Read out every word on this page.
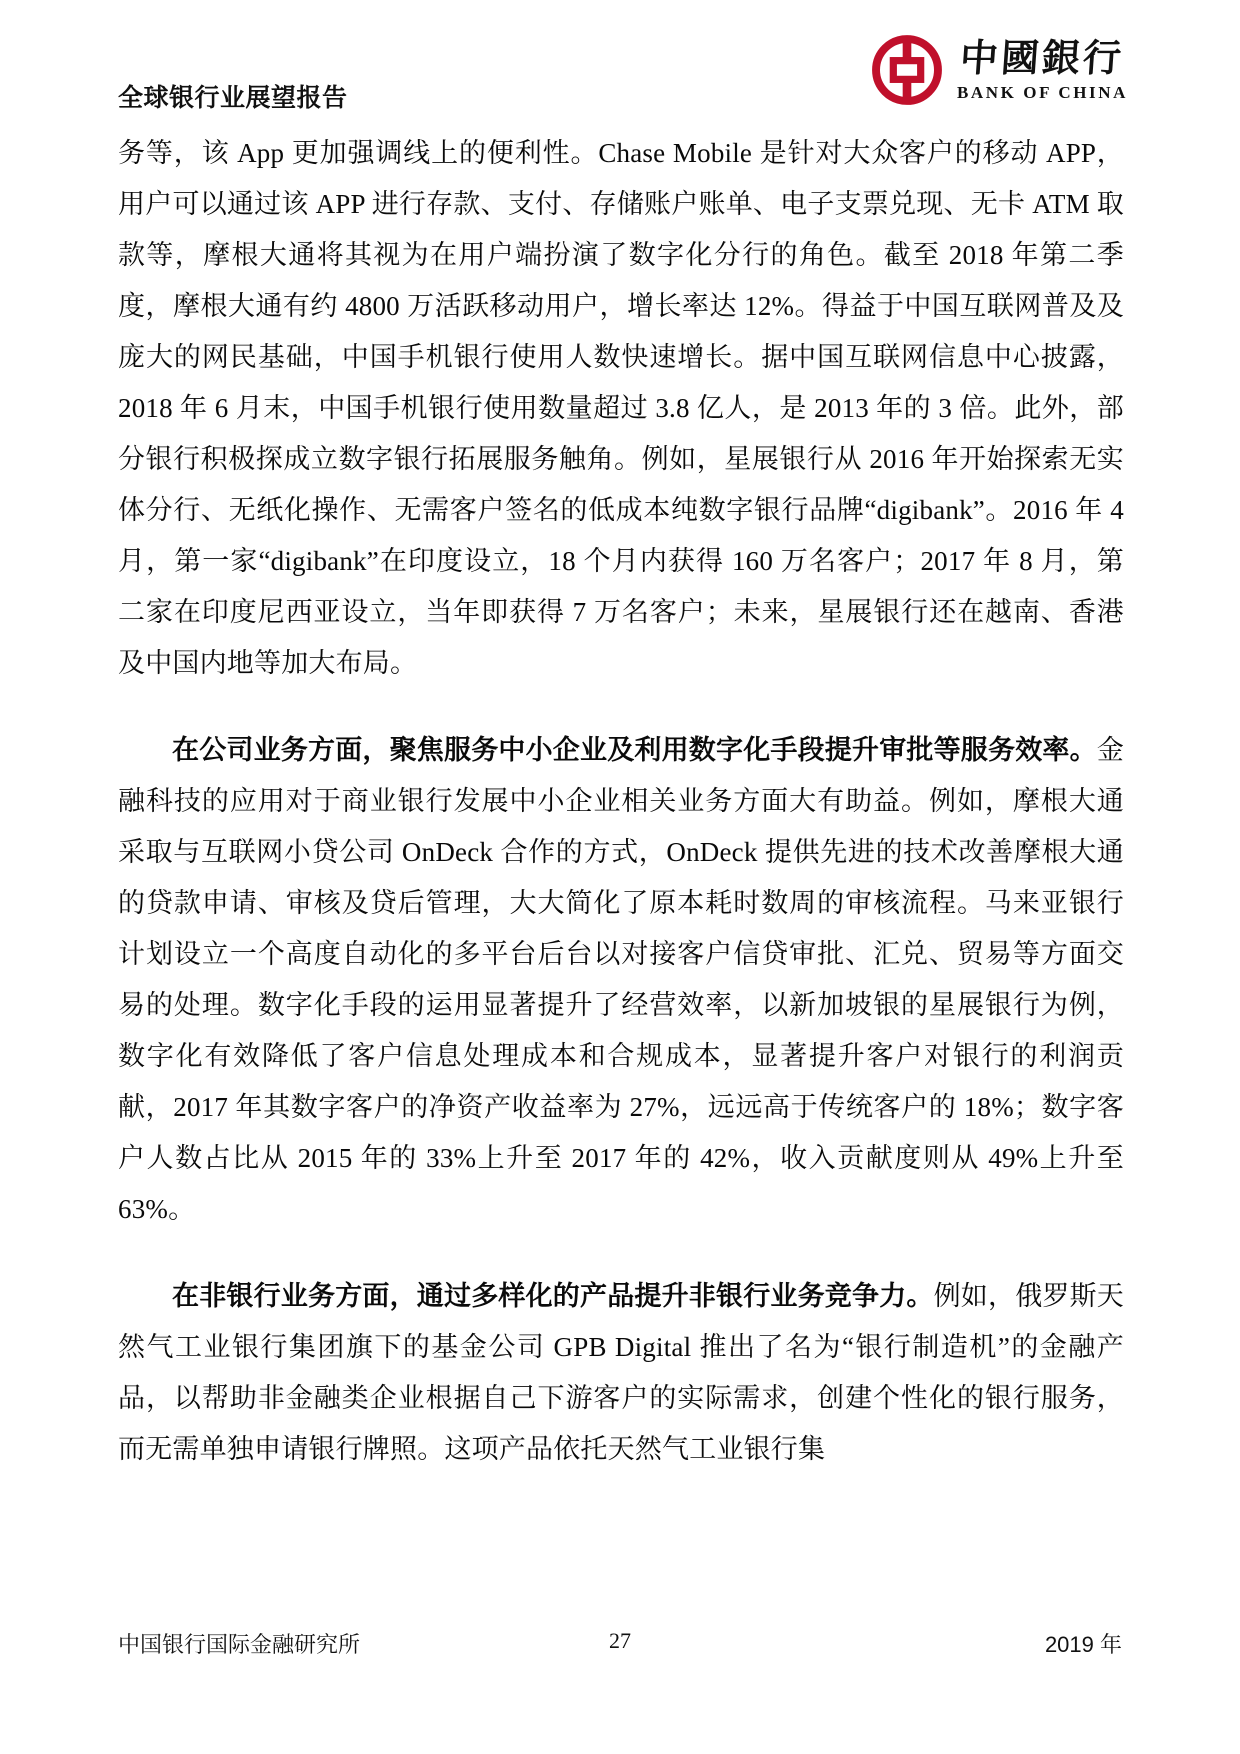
全球银行业展望报告
中國銀行
BANK OF CHINA

务等，该 App 更加强调线上的便利性。Chase Mobile 是针对大众客户的移动 APP，用户可以通过该 APP 进行存款、支付、存储账户账单、电子支票兑现、无卡 ATM 取款等，摩根大通将其视为在用户端扮演了数字化分行的角色。截至 2018 年第二季度，摩根大通有约 4800 万活跃移动用户，增长率达 12%。得益于中国互联网普及及庞大的网民基础，中国手机银行使用人数快速增长。据中国互联网信息中心披露，2018 年 6 月末，中国手机银行使用数量超过 3.8 亿人，是 2013 年的 3 倍。此外，部分银行积极探成立数字银行拓展服务触角。例如，星展银行从 2016 年开始探索无实体分行、无纸化操作、无需客户签名的低成本纯数字银行品牌“digibank”。2016 年 4 月，第一家“digibank”在印度设立，18 个月内获得 160 万名客户；2017 年 8 月，第二家在印度尼西亚设立，当年即获得 7 万名客户；未来，星展银行还在越南、香港及中国内地等加大布局。

在公司业务方面，聚焦服务中小企业及利用数字化手段提升审批等服务效率。金融科技的应用对于商业银行发展中小企业相关业务方面大有助益。例如，摩根大通采取与互联网小贷公司 OnDeck 合作的方式，OnDeck 提供先进的技术改善摩根大通的贷款申请、审核及贷后管理，大大简化了原本耗时数周的审核流程。马来亚银行计划设立一个高度自动化的多平台后台以对接客户信贷审批、汇兑、贸易等方面交易的处理。数字化手段的运用显著提升了经营效率，以新加坡银的星展银行为例，数字化有效降低了客户信息处理成本和合规成本，显著提升客户对银行的利润贡献，2017 年其数字客户的净资产收益率为 27%，远远高于传统客户的 18%；数字客户人数占比从 2015 年的 33%上升至 2017 年的 42%，收入贡献度则从 49%上升至 63%。

在非银行业务方面，通过多样化的产品提升非银行业务竞争力。例如，俄罗斯天然气工业银行集团旗下的基金公司 GPB Digital 推出了名为“银行制造机”的金融产品，以帮助非金融类企业根据自己下游客户的实际需求，创建个性化的银行服务，而无需单独申请银行牌照。这项产品依托天然气工业银行集

中国银行国际金融研究所	27	2019 年
